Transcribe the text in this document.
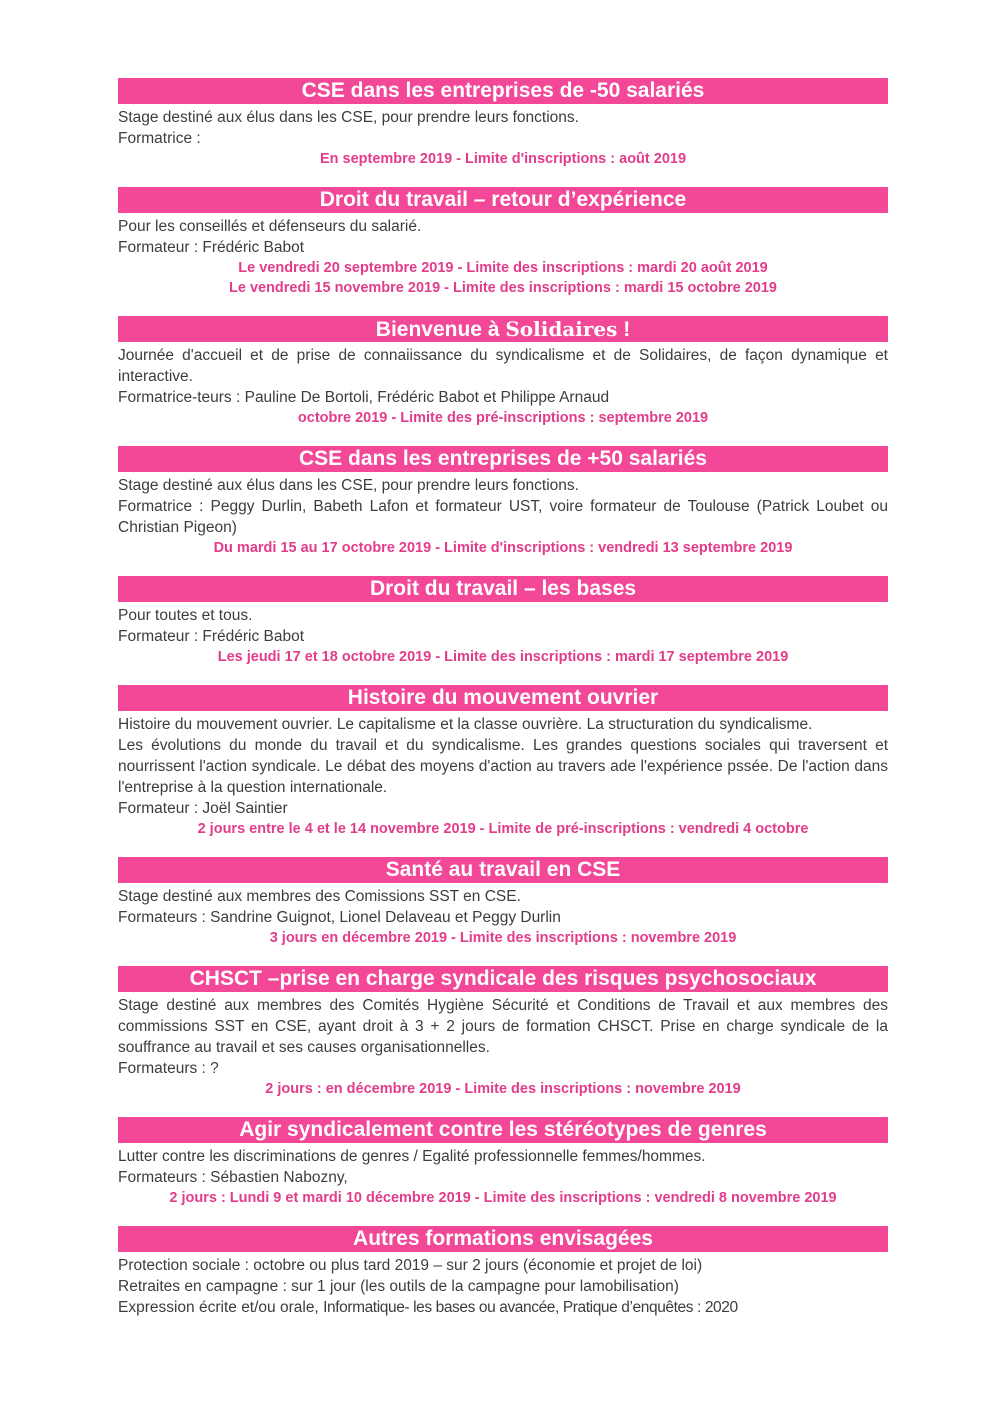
CSE dans les entreprises de -50 salariés

Stage destiné aux élus dans les CSE, pour prendre leurs fonctions.

Formatrice :

En septembre 2019 - Limite d'inscriptions : août 2019

Droit du travail – retour d’expérience

Pour les conseillés et défenseurs du salarié.

Formateur : Frédéric Babot

Le vendredi 20 septembre 2019 - Limite des inscriptions : mardi 20 août 2019

Le vendredi 15 novembre 2019 - Limite des inscriptions : mardi 15 octobre 2019

Bienvenue à Solidaires !

Journée d'accueil et de prise de connaiissance du syndicalisme et de Solidaires, de façon dynamique et interactive.

Formatrice-teurs : Pauline De Bortoli, Frédéric Babot et Philippe Arnaud

octobre 2019 - Limite des pré-inscriptions : septembre 2019

CSE dans les entreprises de +50 salariés

Stage destiné aux élus dans les CSE, pour prendre leurs fonctions.

Formatrice : Peggy Durlin, Babeth Lafon et formateur UST, voire formateur de Toulouse (Patrick Loubet ou Christian Pigeon)

Du mardi 15 au 17 octobre 2019 - Limite d'inscriptions : vendredi 13 septembre 2019

Droit du travail – les bases

Pour toutes et tous.

Formateur : Frédéric Babot

Les jeudi 17 et 18 octobre 2019 - Limite des inscriptions : mardi 17 septembre 2019

Histoire du mouvement ouvrier

Histoire du mouvement ouvrier. Le capitalisme et la classe ouvrière. La structuration du syndicalisme.

Les évolutions du monde du travail et du syndicalisme. Les grandes questions sociales qui traversent et nourrissent l'action syndicale. Le débat des moyens d'action au travers ade l'expérience pssée. De l'action dans l'entreprise à la question internationale.

Formateur : Joël Saintier

2 jours entre le 4 et le 14 novembre 2019 - Limite de pré-inscriptions : vendredi 4 octobre

Santé au travail en CSE

Stage destiné aux membres des Comissions SST en CSE.

Formateurs : Sandrine Guignot, Lionel Delaveau et Peggy Durlin

3 jours en décembre 2019 - Limite des inscriptions : novembre 2019

CHSCT –prise en charge syndicale des risques psychosociaux

Stage destiné aux membres des Comités Hygiène Sécurité et Conditions de Travail et aux membres des commissions SST en CSE, ayant droit à 3 + 2 jours de formation CHSCT. Prise en charge syndicale de la souffrance au travail et ses causes organisationnelles.

Formateurs : ?

2 jours : en décembre 2019 - Limite des inscriptions : novembre 2019

Agir syndicalement contre les stéréotypes de genres

Lutter contre les discriminations de genres / Egalité professionnelle femmes/hommes.

Formateurs : Sébastien Nabozny,

2 jours : Lundi 9 et mardi 10 décembre 2019 - Limite des inscriptions : vendredi 8 novembre 2019

Autres formations envisagées

Protection sociale : octobre ou plus tard 2019 – sur 2 jours (économie et projet de loi)

Retraites en campagne : sur 1 jour (les outils de la campagne pour lamobilisation)

Expression écrite et/ou orale, Informatique- les bases ou avancée, Pratique d’enquêtes : 2020
